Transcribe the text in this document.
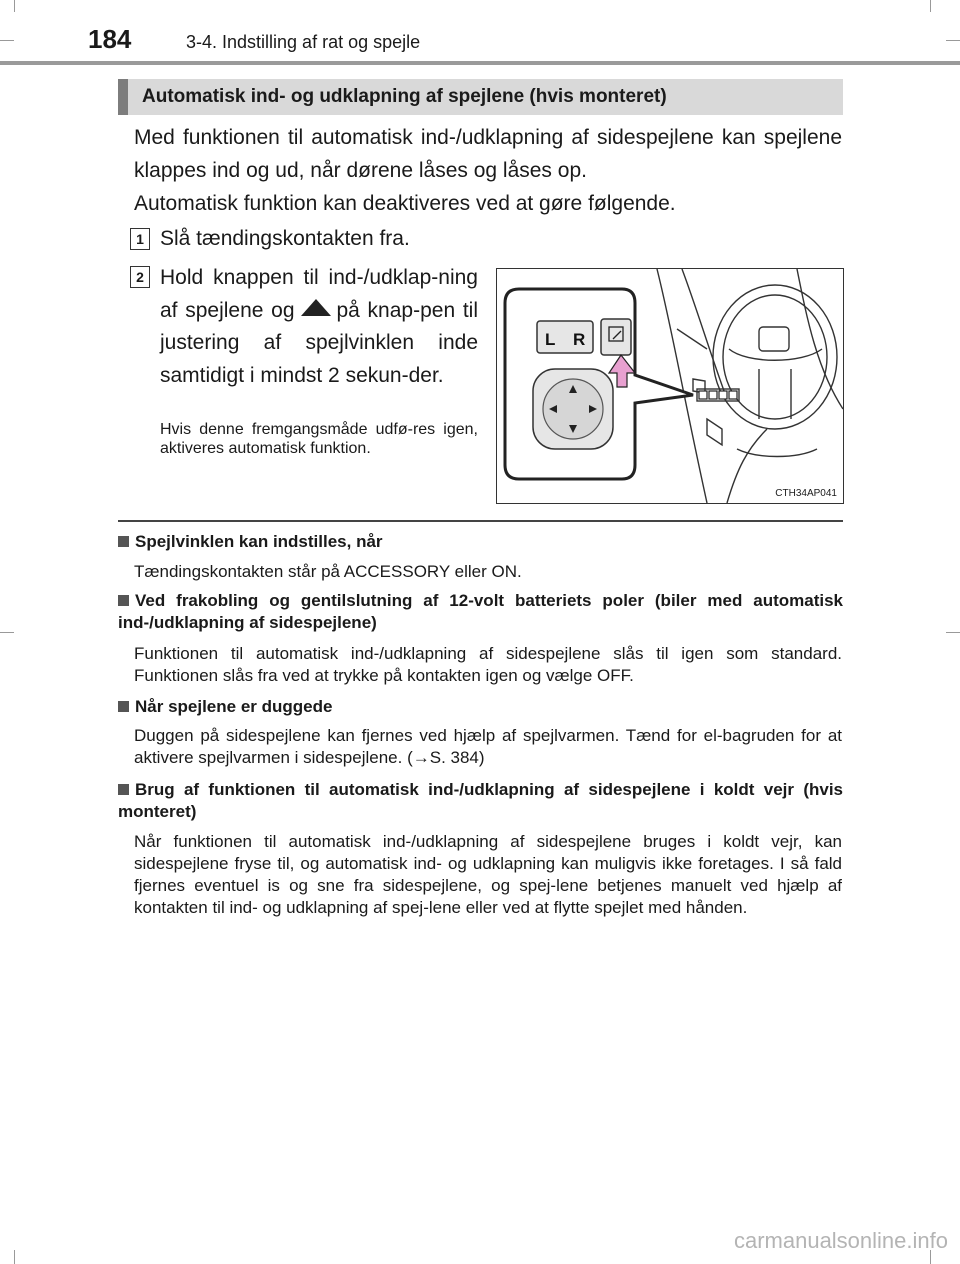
184	3-4. Indstilling af rat og spejle
Automatisk ind- og udklapning af spejlene (hvis monteret)

Med funktionen til automatisk ind-/udklapning af sidespejlene kan spejlene klappes ind og ud, når dørene låses og låses op.

Automatisk funktion kan deaktiveres ved at gøre følgende.

1 Slå tændingskontakten fra.

2 Hold knappen til ind-/udklap-ning af spejlene og på knap-pen til justering af spejlvinklen inde samtidigt i mindst 2 sekun-der.

Hvis denne fremgangsmåde udfø-res igen, aktiveres automatisk funktion.

L R
CTH34AP041
Spejlvinklen kan indstilles, når

Tændingskontakten står på ACCESSORY eller ON.

Ved frakobling og gentilslutning af 12-volt batteriets poler (biler med automatisk ind-/udklapning af sidespejlene)

Funktionen til automatisk ind-/udklapning af sidespejlene slås til igen som standard. Funktionen slås fra ved at trykke på kontakten igen og vælge OFF.

Når spejlene er duggede

Duggen på sidespejlene kan fjernes ved hjælp af spejlvarmen. Tænd for el-bagruden for at aktivere spejlvarmen i sidespejlene. (→S. 384)

Brug af funktionen til automatisk ind-/udklapning af sidespejlene i koldt vejr (hvis monteret)

Når funktionen til automatisk ind-/udklapning af sidespejlene bruges i koldt vejr, kan sidespejlene fryse til, og automatisk ind- og udklapning kan muligvis ikke foretages. I så fald fjernes eventuel is og sne fra sidespejlene, og spej-lene betjenes manuelt ved hjælp af kontakten til ind- og udklapning af spej-lene eller ved at flytte spejlet med hånden.

carmanualsonline.info
